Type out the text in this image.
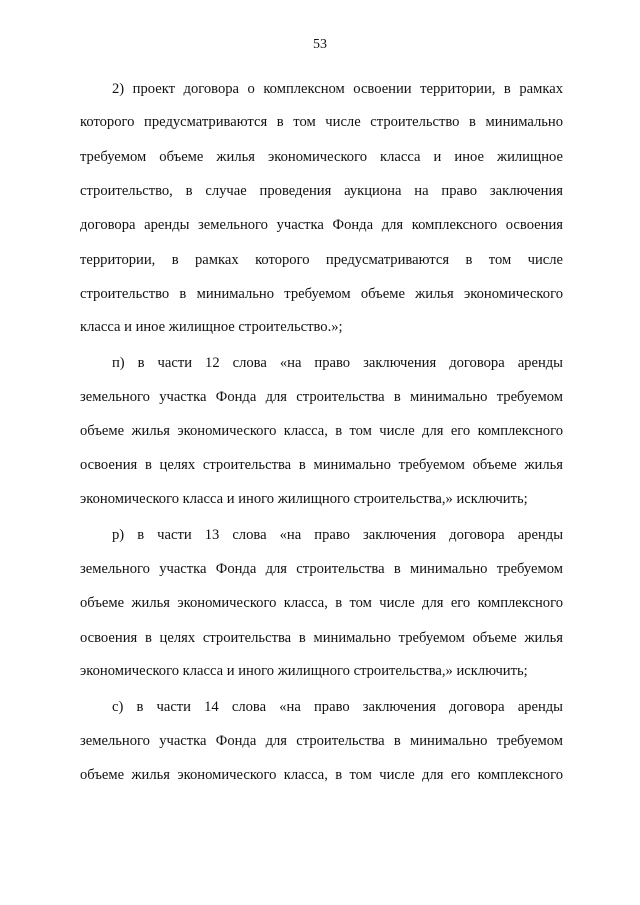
53
2) проект договора о комплексном освоении территории, в рамках
которого предусматриваются в том числе строительство в минимально
требуемом объеме жилья экономического класса и иное жилищное
строительство, в случае проведения аукциона на право заключения
договора аренды земельного участка Фонда для комплексного освоения
территории, в рамках которого предусматриваются в том числе
строительство в минимально требуемом объеме жилья экономического
класса и иное жилищное строительство.»;
п) в части 12 слова «на право заключения договора аренды
земельного участка Фонда для строительства в минимально требуемом
объеме жилья экономического класса, в том числе для его комплексного
освоения в целях строительства в минимально требуемом объеме жилья
экономического класса и иного жилищного строительства,» исключить;
р) в части 13 слова «на право заключения договора аренды
земельного участка Фонда для строительства в минимально требуемом
объеме жилья экономического класса, в том числе для его комплексного
освоения в целях строительства в минимально требуемом объеме жилья
экономического класса и иного жилищного строительства,» исключить;
с) в части 14 слова «на право заключения договора аренды
земельного участка Фонда для строительства в минимально требуемом
объеме жилья экономического класса, в том числе для его комплексного
